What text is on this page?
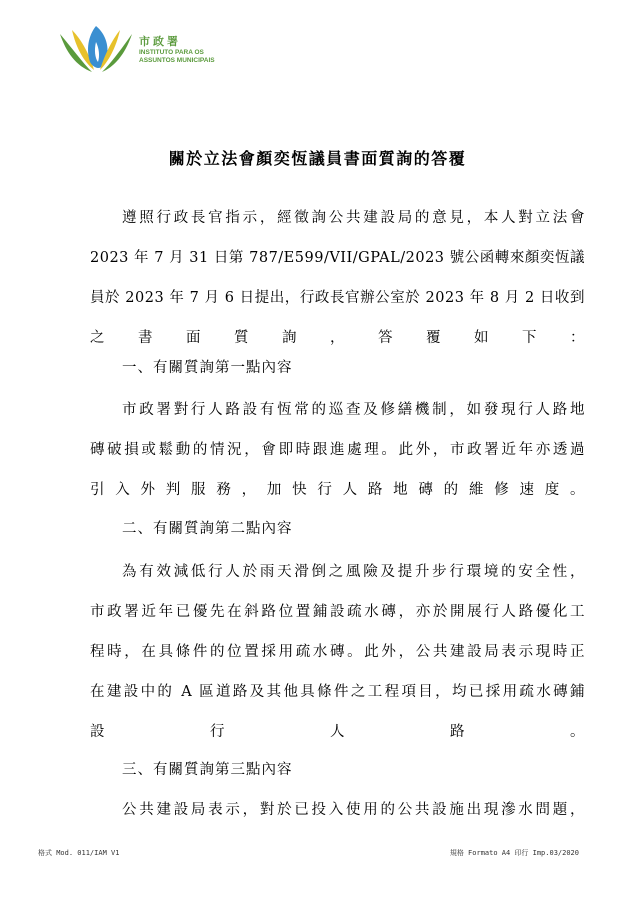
市政署
INSTITUTO PARA OS
ASSUNTOS MUNICIPAIS
關於立法會顏奕恆議員書面質詢的答覆
遵照行政長官指示，經徵詢公共建設局的意見，本人對立法會
2023 年 7 月 31 日第 787/E599/VII/GPAL/2023 號公函轉來顏奕恆議
員於 2023 年 7 月 6 日提出，行政長官辦公室於 2023 年 8 月 2 日收到
之書面質詢，答覆如下：
一、有關質詢第一點內容
市政署對行人路設有恆常的巡查及修繕機制，如發現行人路地
磚破損或鬆動的情況，會即時跟進處理。此外，市政署近年亦透過
引入外判服務，加快行人路地磚的維修速度。
二、有關質詢第二點內容
為有效減低行人於雨天滑倒之風險及提升步行環境的安全性，
市政署近年已優先在斜路位置鋪設疏水磚，亦於開展行人路優化工
程時，在具條件的位置採用疏水磚。此外，公共建設局表示現時正
在建設中的 A 區道路及其他具條件之工程項目，均已採用疏水磚鋪
設行人路。
三、有關質詢第三點內容
公共建設局表示，對於已投入使用的公共設施出現滲水問題，
格式 Mod. 011/IAM V1	規格 Formato A4 印行 Imp.03/2020
